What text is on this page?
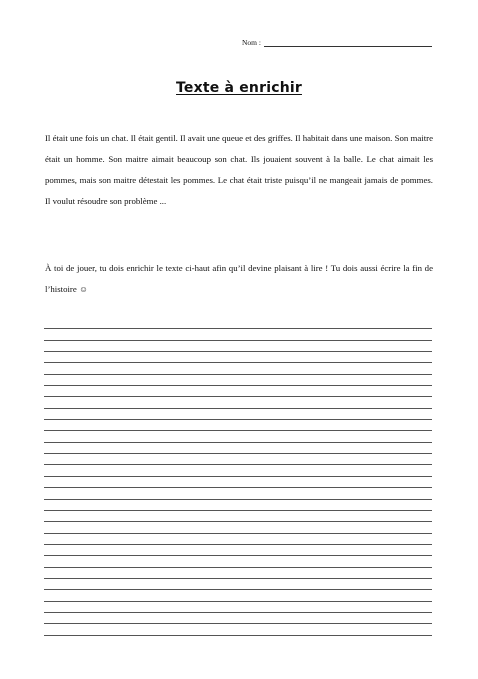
Nom :
Texte à enrichir

Il était une fois un chat. Il était gentil. Il avait une queue et des griffes. Il habitait dans une maison. Son maitre était un homme. Son maitre aimait beaucoup son chat. Ils jouaient souvent à la balle. Le chat aimait les pommes, mais son maitre détestait les pommes. Le chat était triste puisqu’il ne mangeait jamais de pommes. Il voulut résoudre son problème ...

À toi de jouer, tu dois enrichir le texte ci-haut afin qu’il devine plaisant à lire ! Tu dois aussi écrire la fin de l’histoire ☺
